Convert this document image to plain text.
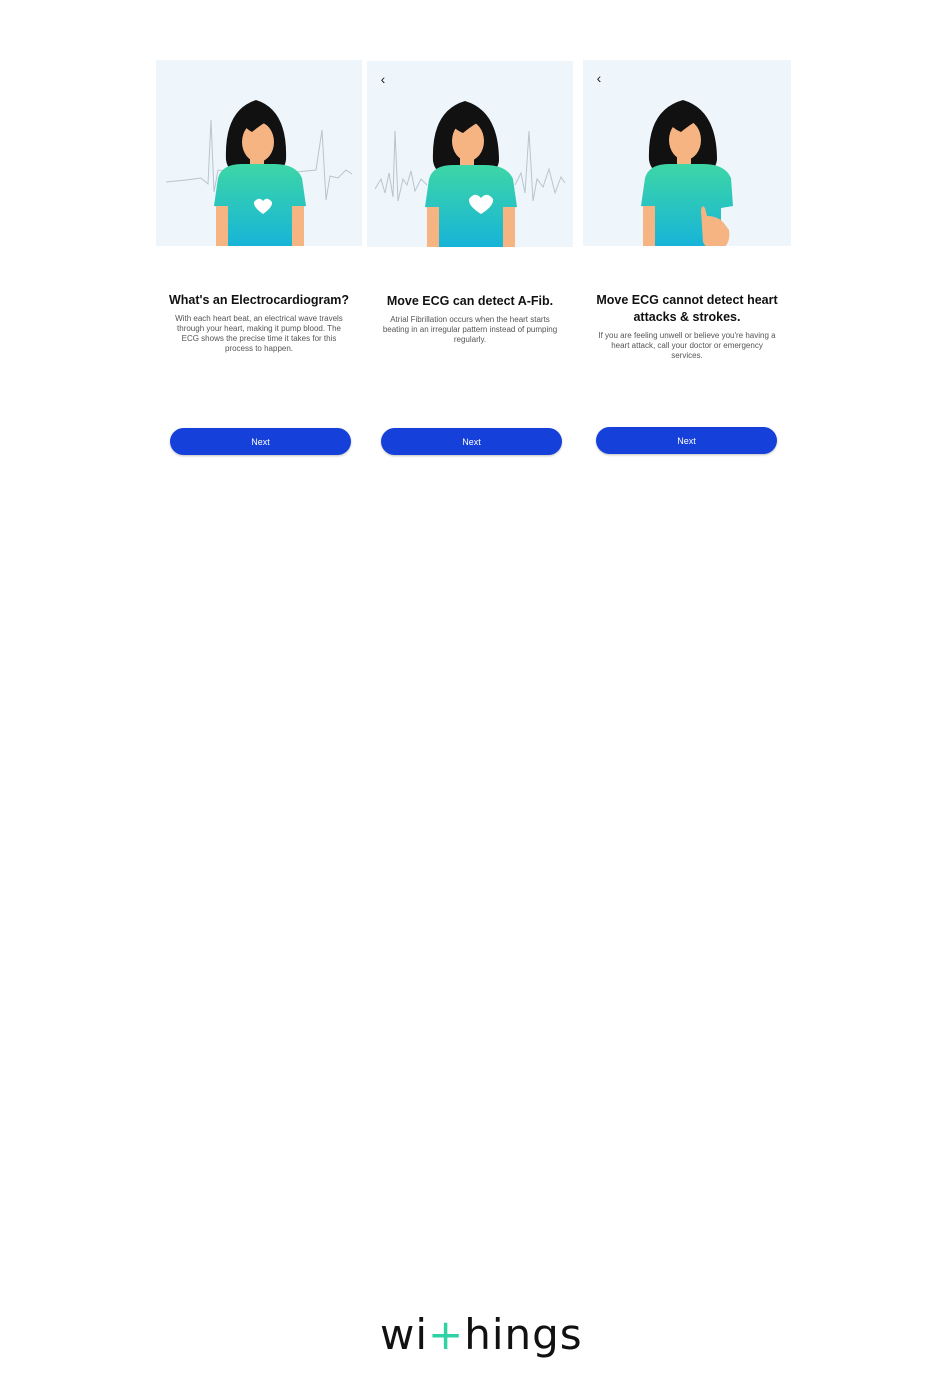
What's an Electrocardiogram?
With each heart beat, an electrical wave travels through your heart, making it pump blood. The ECG shows the precise time it takes for this process to happen.
Next
‹
Move ECG can detect A-Fib.
Atrial Fibrillation occurs when the heart starts beating in an irregular pattern instead of pumping regularly.
Next
‹
Move ECG cannot detect heart attacks & strokes.
If you are feeling unwell or believe you're having a heart attack, call your doctor or emergency services.
Next
wi+hings
